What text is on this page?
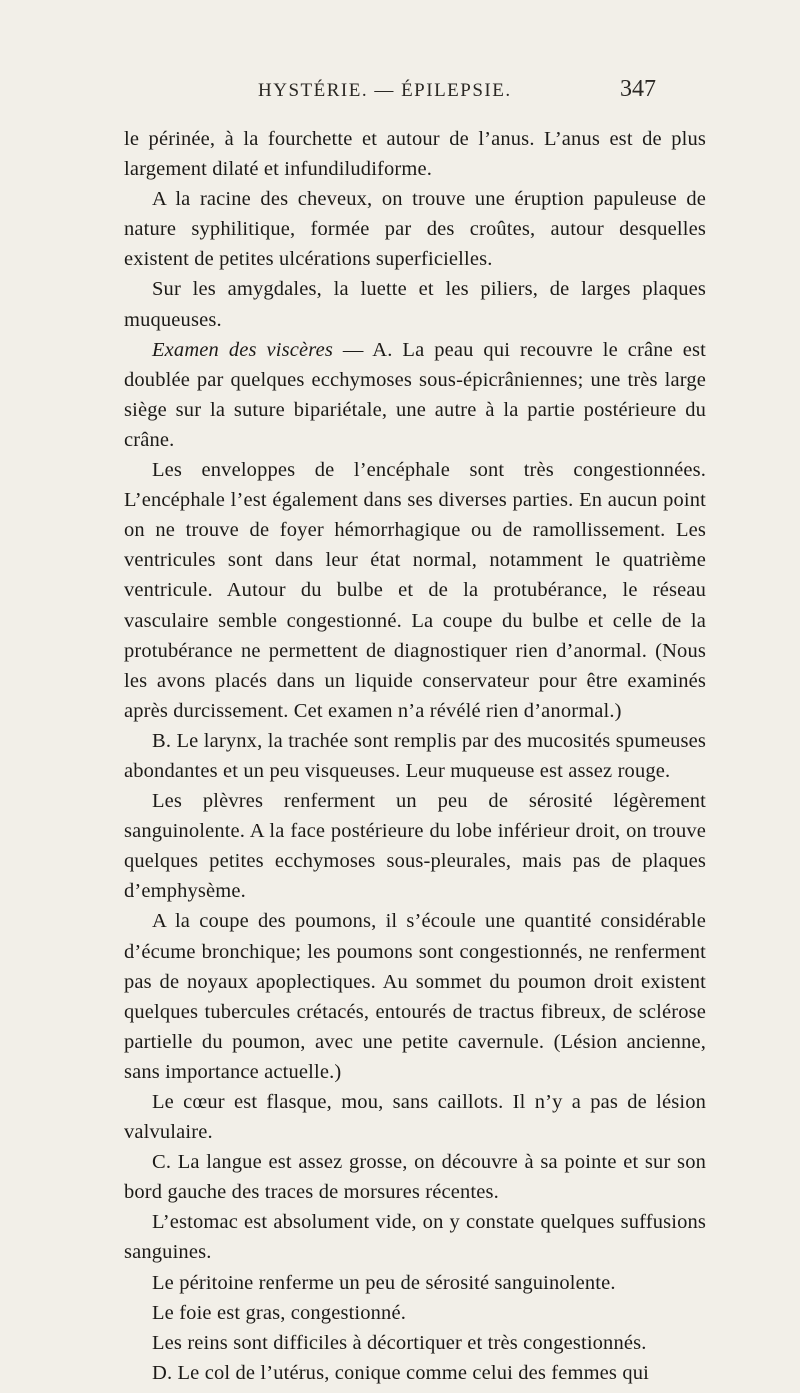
HYSTÉRIE. — ÉPILEPSIE.	347

le périnée, à la fourchette et autour de l’anus. L’anus est de plus largement dilaté et infundiludiforme.

A la racine des cheveux, on trouve une éruption papuleuse de nature syphilitique, formée par des croûtes, autour desquelles existent de petites ulcérations superficielles.

Sur les amygdales, la luette et les piliers, de larges plaques muqueuses.

Examen des viscères — A. La peau qui recouvre le crâne est doublée par quelques ecchymoses sous-épicrâniennes; une très large siège sur la suture bipariétale, une autre à la partie postérieure du crâne.

Les enveloppes de l’encéphale sont très congestionnées. L’encéphale l’est également dans ses diverses parties. En aucun point on ne trouve de foyer hémorrhagique ou de ramollissement. Les ventricules sont dans leur état normal, notamment le quatrième ventricule. Autour du bulbe et de la protubérance, le réseau vasculaire semble congestionné. La coupe du bulbe et celle de la protubérance ne permettent de diagnostiquer rien d’anormal. (Nous les avons placés dans un liquide conservateur pour être examinés après durcissement. Cet examen n’a révélé rien d’anormal.)

B. Le larynx, la trachée sont remplis par des mucosités spumeuses abondantes et un peu visqueuses. Leur muqueuse est assez rouge.

Les plèvres renferment un peu de sérosité légèrement sanguinolente. A la face postérieure du lobe inférieur droit, on trouve quelques petites ecchymoses sous-pleurales, mais pas de plaques d’emphysème.

A la coupe des poumons, il s’écoule une quantité considérable d’écume bronchique; les poumons sont congestionnés, ne renferment pas de noyaux apoplectiques. Au sommet du poumon droit existent quelques tubercules crétacés, entourés de tractus fibreux, de sclérose partielle du poumon, avec une petite cavernule. (Lésion ancienne, sans importance actuelle.)

Le cœur est flasque, mou, sans caillots. Il n’y a pas de lésion valvulaire.

C. La langue est assez grosse, on découvre à sa pointe et sur son bord gauche des traces de morsures récentes.

L’estomac est absolument vide, on y constate quelques suffusions sanguines.

Le péritoine renferme un peu de sérosité sanguinolente.

Le foie est gras, congestionné.

Les reins sont difficiles à décortiquer et très congestionnés.

D. Le col de l’utérus, conique comme celui des femmes qui
